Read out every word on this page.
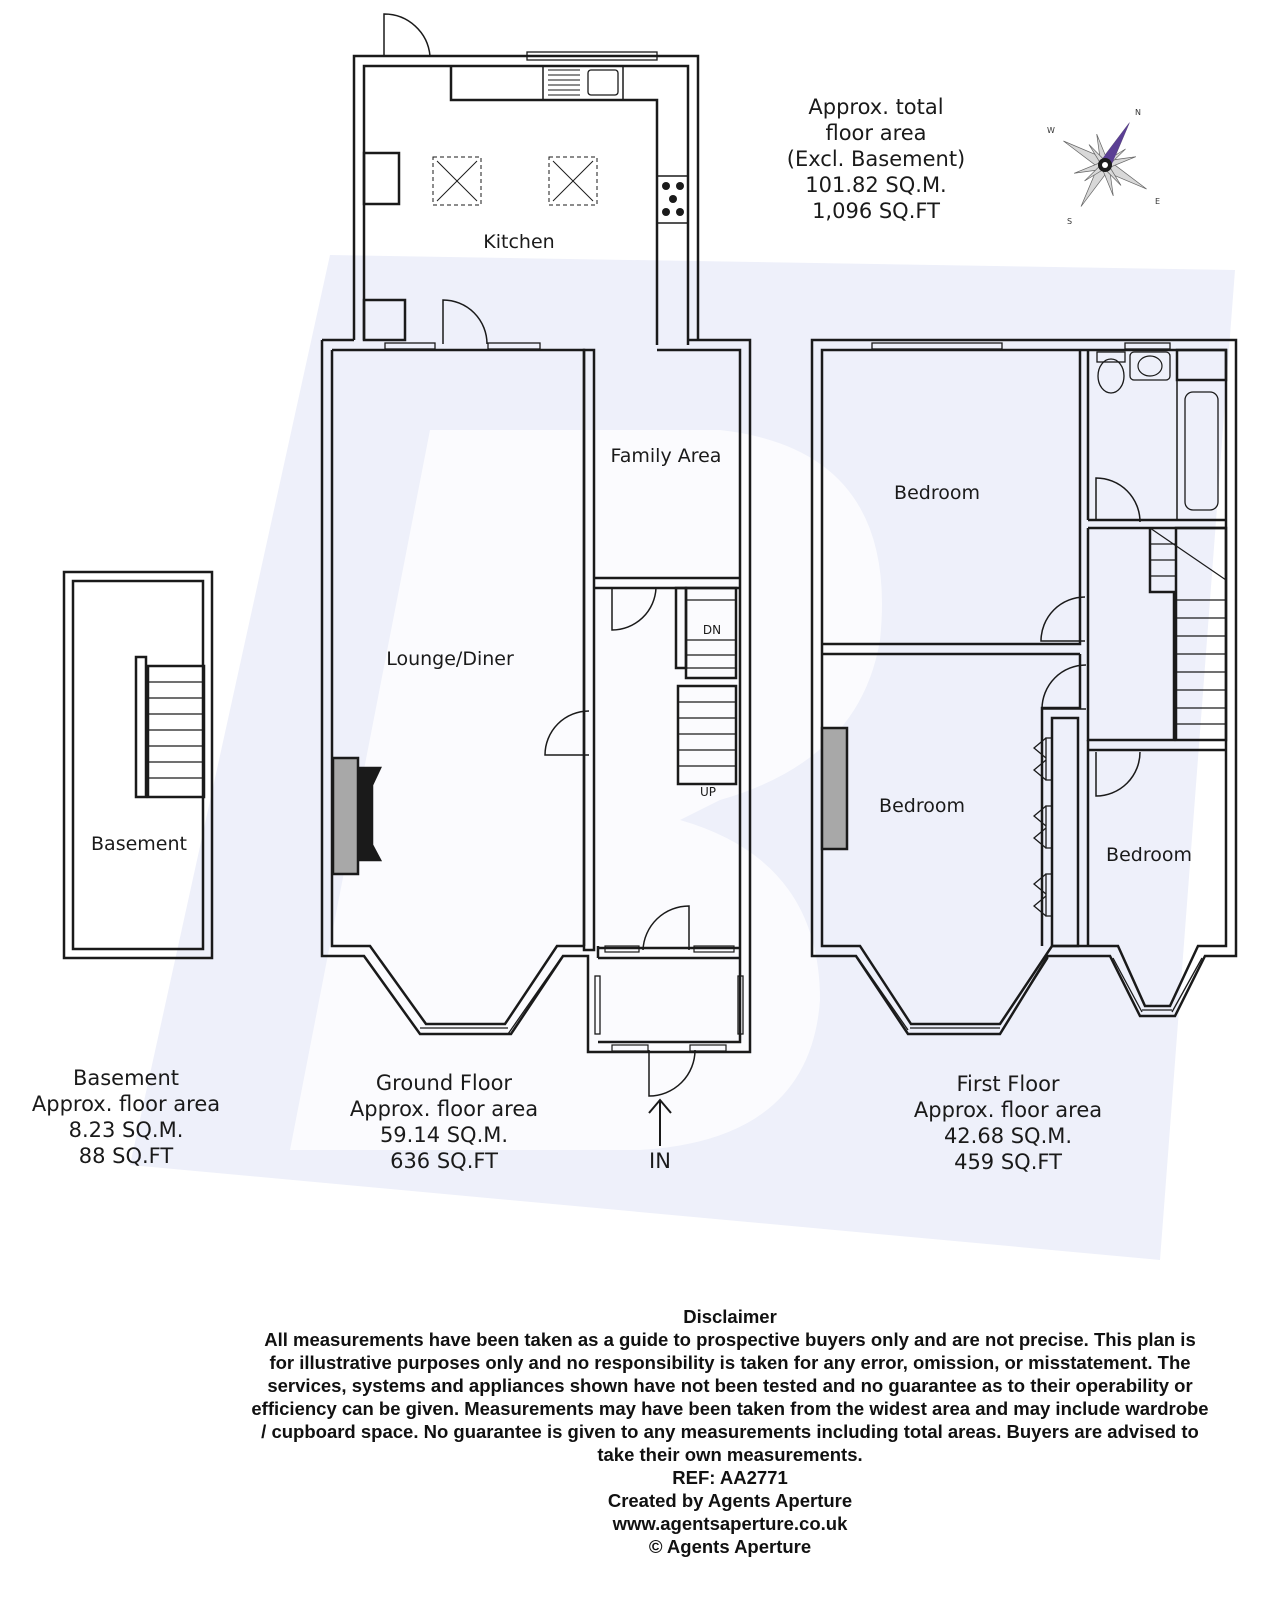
N
E
S
W
Approx. total
floor area
(Excl. Basement)
101.82 SQ.M.
1,096 SQ.FT
Kitchen
Family Area
Lounge/Diner
Basement
Bedroom
Bedroom
Bedroom
DN
UP
IN
Basement
Approx. floor area
8.23 SQ.M.
88 SQ.FT
Ground Floor
Approx. floor area
59.14 SQ.M.
636 SQ.FT
First Floor
Approx. floor area
42.68 SQ.M.
459 SQ.FT
Disclaimer
All measurements have been taken as a guide to prospective buyers only and are not precise. This plan is
for illustrative purposes only and no responsibility is taken for any error, omission, or misstatement. The
services, systems and appliances shown have not been tested and no guarantee as to their operability or
efficiency can be given. Measurements may have been taken from the widest area and may include wardrobe
/ cupboard space. No guarantee is given to any measurements including total areas. Buyers are advised to
take their own measurements.
REF: AA2771
Created by Agents Aperture
www.agentsaperture.co.uk
© Agents Aperture
